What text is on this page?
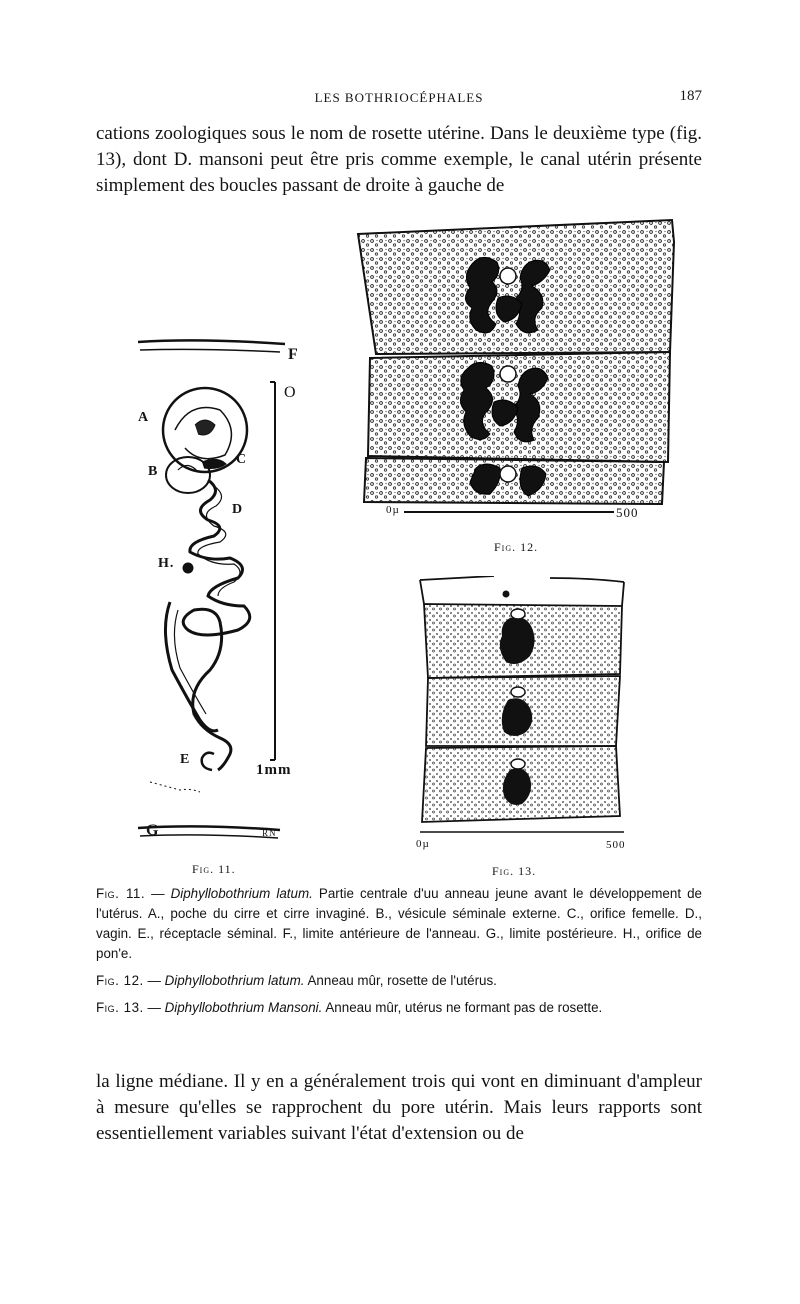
LES BOTHRIOCÉPHALES	187

cations zoologiques sous le nom de rosette utérine. Dans le deuxième type (fig. 13), dont D. mansoni peut être pris comme exemple, le canal utérin présente simplement des boucles passant de droite à gauche de

F
O
A
B
C
D
H.
E
1mm
G	RN
Fig. 11.
0µ	500
Fig. 12.
0µ	500
Fig. 13.

Fig. 11. — Diphyllobothrium latum. Partie centrale d'uu anneau jeune avant le développement de l'utérus. A., poche du cirre et cirre invaginé. B., vésicule séminale externe. C., orifice femelle. D., vagin. E., réceptacle séminal. F., limite antérieure de l'anneau. G., limite postérieure. H., orifice de pon'e.

Fig. 12. — Diphyllobothrium latum. Anneau mûr, rosette de l'utérus.

Fig. 13. — Diphyllobothrium Mansoni. Anneau mûr, utérus ne formant pas de rosette.

la ligne médiane. Il y en a généralement trois qui vont en diminuant d'ampleur à mesure qu'elles se rapprochent du pore utérin. Mais leurs rapports sont essentiellement variables suivant l'état d'extension ou de
